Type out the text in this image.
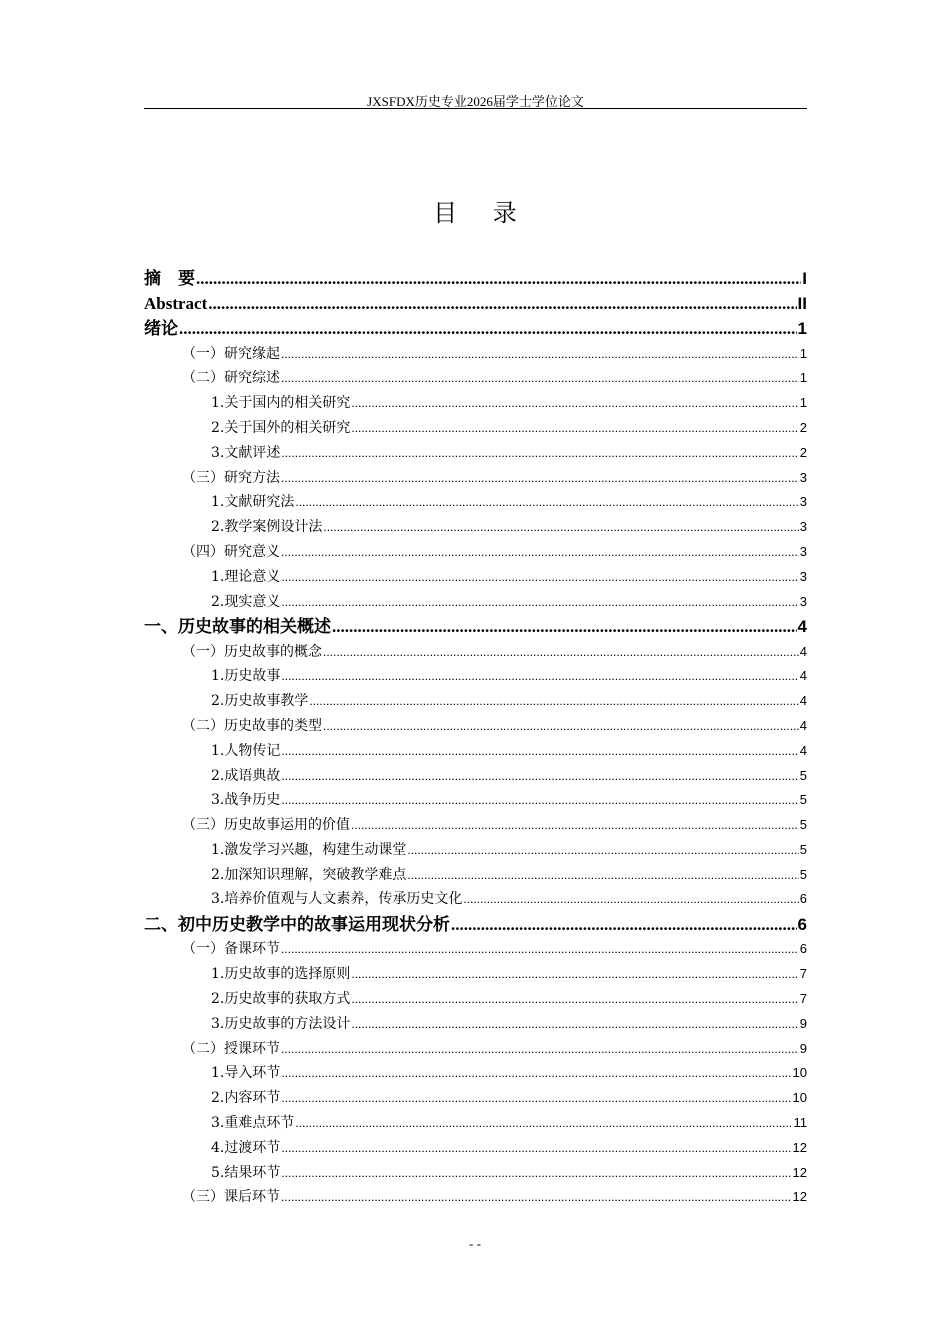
JXSFDX历史专业2026届学士学位论文
目 录
摘　要 .....	I
Abstract .....	II
绪论 .....	1
（一）研究缘起 .....	1
（二）研究综述 .....	1
1.关于国内的相关研究 .....	1
2.关于国外的相关研究 .....	2
3.文献评述 .....	2
（三）研究方法 .....	3
1.文献研究法 .....	3
2.教学案例设计法 .....	3
（四）研究意义 .....	3
1.理论意义 .....	3
2.现实意义 .....	3
一、历史故事的相关概述 .....	4
（一）历史故事的概念 .....	4
1.历史故事 .....	4
2.历史故事教学 .....	4
（二）历史故事的类型 .....	4
1.人物传记 .....	4
2.成语典故 .....	5
3.战争历史 .....	5
（三）历史故事运用的价值 .....	5
1.激发学习兴趣，构建生动课堂 .....	5
2.加深知识理解，突破教学难点 .....	5
3.培养价值观与人文素养，传承历史文化 .....	6
二、初中历史教学中的故事运用现状分析 .....	6
（一）备课环节 .....	6
1.历史故事的选择原则 .....	7
2.历史故事的获取方式 .....	7
3.历史故事的方法设计 .....	9
（二）授课环节 .....	9
1.导入环节 .....	10
2.内容环节 .....	10
3.重难点环节 .....	11
4.过渡环节 .....	12
5.结果环节 .....	12
（三）课后环节 .....	12
- -
